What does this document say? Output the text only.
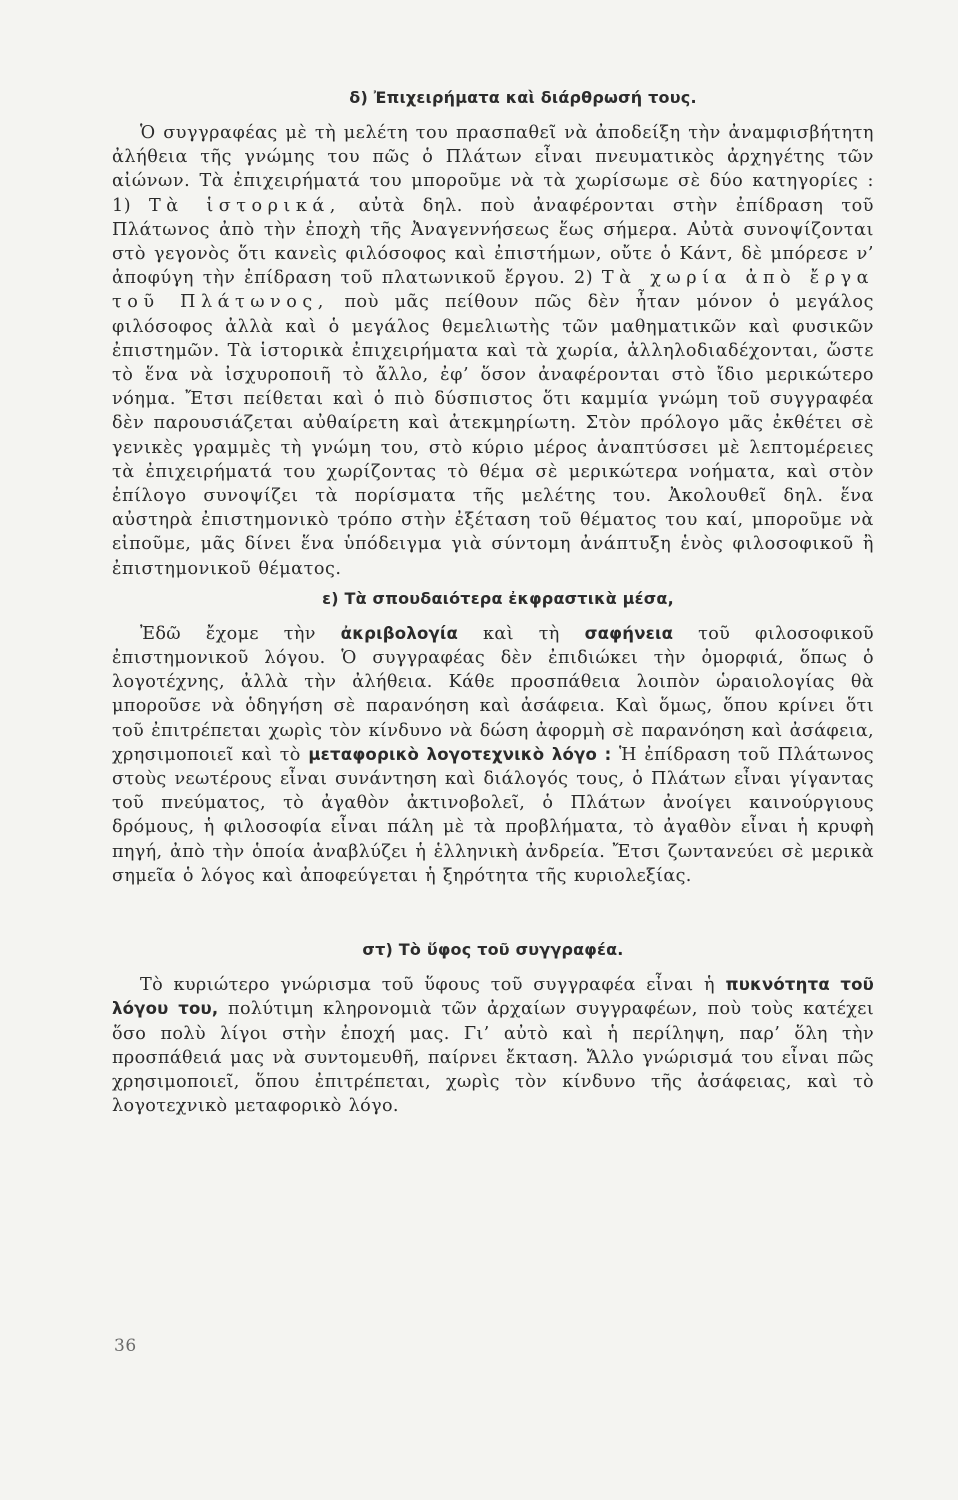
δ) Ἐπιχειρήματα καὶ διάρθρωσή τους.

Ὁ συγγραφέας μὲ τὴ μελέτη του πρασπαθεῖ νὰ ἀποδείξη τὴν ἀναμφισβήτητη ἀλήθεια τῆς γνώμης του πῶς ὁ Πλάτων εἶναι πνευματικὸς ἀρχηγέτης τῶν αἰώνων. Τὰ ἐπιχειρήματά του μποροῦμε νὰ τὰ χωρίσωμε σὲ δύο κατηγορίες : 1) Τὰ ἱστορικά, αὐτὰ δηλ. ποὺ ἀναφέρονται στὴν ἐπίδραση τοῦ Πλάτωνος ἀπὸ τὴν ἐποχὴ τῆς Ἀναγεννήσεως ἕως σήμερα. Αὐτὰ συνοψίζονται στὸ γεγονὸς ὅτι κανεὶς φιλόσοφος καὶ ἐπιστήμων, οὔτε ὁ Κάντ, δὲ μπόρεσε ν’ ἀποφύγη τὴν ἐπίδραση τοῦ πλατωνικοῦ ἔργου. 2) Τὰ χωρία ἀπὸ ἔργα τοῦ Πλάτωνος, ποὺ μᾶς πείθουν πῶς δὲν ἦταν μόνον ὁ μεγάλος φιλόσοφος ἀλλὰ καὶ ὁ μεγάλος θεμελιωτὴς τῶν μαθηματικῶν καὶ φυσικῶν ἐπιστημῶν. Τὰ ἱστορικὰ ἐπιχειρήματα καὶ τὰ χωρία, ἀλληλοδιαδέχονται, ὥστε τὸ ἕνα νὰ ἰσχυροποιῆ τὸ ἄλλο, ἐφ’ ὅσον ἀναφέρονται στὸ ἴδιο μερικώτερο νόημα. Ἔτσι πείθεται καὶ ὁ πιὸ δύσπιστος ὅτι καμμία γνώμη τοῦ συγγραφέα δὲν παρουσιάζεται αὐθαίρετη καὶ ἀτεκμηρίωτη. Στὸν πρόλογο μᾶς ἐκθέτει σὲ γενικὲς γραμμὲς τὴ γνώμη του, στὸ κύριο μέρος ἀναπτύσσει μὲ λεπτομέρειες τὰ ἐπιχειρήματά του χωρίζοντας τὸ θέμα σὲ μερικώτερα νοήματα, καὶ στὸν ἐπίλογο συνοψίζει τὰ πορίσματα τῆς μελέτης του. Ἀκολουθεῖ δηλ. ἕνα αὐστηρὰ ἐπιστημονικὸ τρόπο στὴν ἐξέταση τοῦ θέματος του καί, μποροῦμε νὰ εἰποῦμε, μᾶς δίνει ἕνα ὑπόδειγμα γιὰ σύντομη ἀνάπτυξη ἑνὸς φιλοσοφικοῦ ἢ ἐπιστημονικοῦ θέματος.

ε) Τὰ σπουδαιότερα ἐκφραστικὰ μέσα,

Ἐδῶ ἔχομε τὴν ἀκριβολογία καὶ τὴ σαφήνεια τοῦ φιλοσοφικοῦ ἐπιστημονικοῦ λόγου. Ὁ συγγραφέας δὲν ἐπιδιώκει τὴν ὀμορφιά, ὅπως ὁ λογοτέχνης, ἀλλὰ τὴν ἀλήθεια. Κάθε προσπάθεια λοιπὸν ὡραιολογίας θὰ μποροῦσε νὰ ὁδηγήση σὲ παρανόηση καὶ ἀσάφεια. Καὶ ὅμως, ὅπου κρίνει ὅτι τοῦ ἐπιτρέπεται χωρὶς τὸν κίνδυνο νὰ δώση ἀφορμὴ σὲ παρανόηση καὶ ἀσάφεια, χρησιμοποιεῖ καὶ τὸ μεταφορικὸ λογοτεχνικὸ λόγο : Ἡ ἐπίδραση τοῦ Πλάτωνος στοὺς νεωτέρους εἶναι συνάντηση καὶ διάλογός τους, ὁ Πλάτων εἶναι γίγαντας τοῦ πνεύματος, τὸ ἀγαθὸν ἀκτινοβολεῖ, ὁ Πλάτων ἀνοίγει καινούργιους δρόμους, ἡ φιλοσοφία εἶναι πάλη μὲ τὰ προβλήματα, τὸ ἀγαθὸν εἶναι ἡ κρυφὴ πηγή, ἀπὸ τὴν ὁποία ἀναβλύζει ἡ ἑλληνικὴ ἀνδρεία. Ἔτσι ζωντανεύει σὲ μερικὰ σημεῖα ὁ λόγος καὶ ἀποφεύγεται ἡ ξηρότητα τῆς κυριολεξίας.

στ) Τὸ ὕφος τοῦ συγγραφέα.

Τὸ κυριώτερο γνώρισμα τοῦ ὕφους τοῦ συγγραφέα εἶναι ἡ πυκνότητα τοῦ λόγου του, πολύτιμη κληρονομιὰ τῶν ἀρχαίων συγγραφέων, ποὺ τοὺς κατέχει ὅσο πολὺ λίγοι στὴν ἐποχή μας. Γι’ αὐτὸ καὶ ἡ περίληψη, παρ’ ὅλη τὴν προσπάθειά μας νὰ συντομευθῆ, παίρνει ἔκταση. Ἄλλο γνώρισμά του εἶναι πῶς χρησιμοποιεῖ, ὅπου ἐπιτρέπεται, χωρὶς τὸν κίνδυνο τῆς ἀσάφειας, καὶ τὸ λογοτεχνικὸ μεταφορικὸ λόγο.

36
